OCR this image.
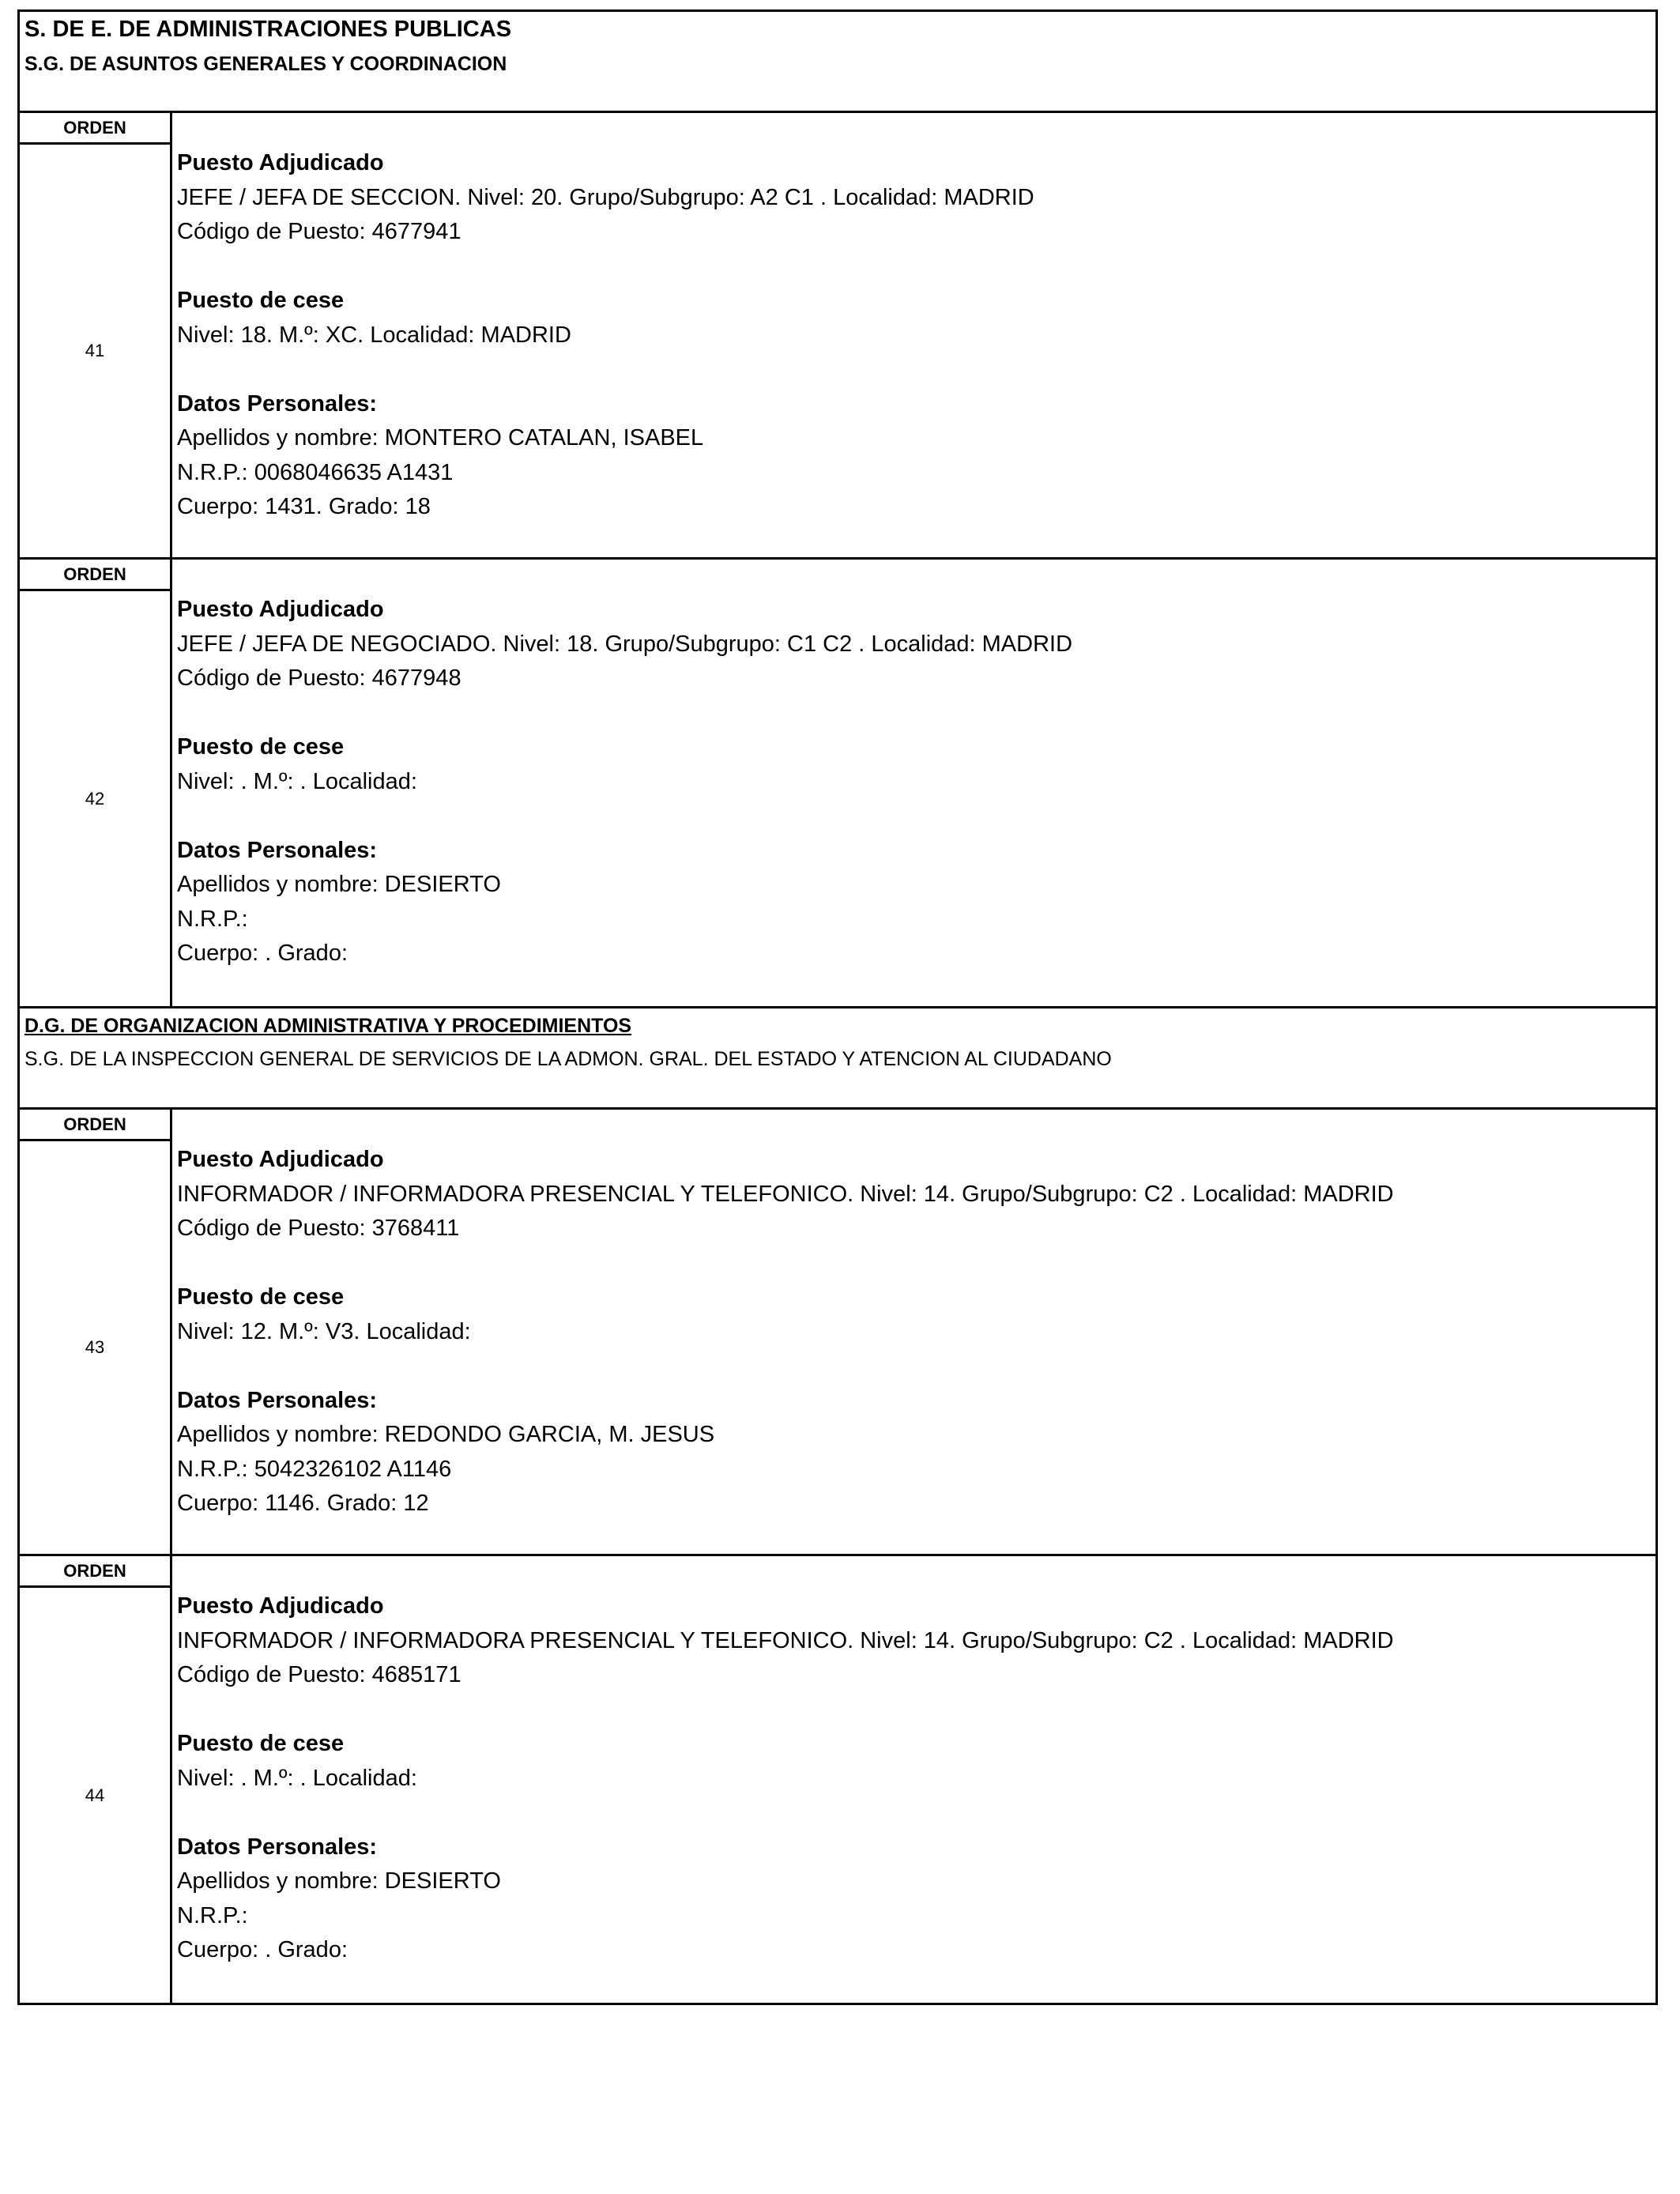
S. DE E. DE ADMINISTRACIONES PUBLICAS
S.G. DE ASUNTOS GENERALES Y COORDINACION
ORDEN
41
Puesto Adjudicado
JEFE / JEFA DE SECCION. Nivel: 20. Grupo/Subgrupo: A2 C1 . Localidad: MADRID
Código de Puesto: 4677941
Puesto de cese
Nivel: 18. M.º: XC. Localidad: MADRID
Datos Personales:
Apellidos y nombre: MONTERO CATALAN, ISABEL
N.R.P.: 0068046635 A1431
Cuerpo: 1431. Grado: 18
ORDEN
42
Puesto Adjudicado
JEFE / JEFA DE NEGOCIADO. Nivel: 18. Grupo/Subgrupo: C1 C2 . Localidad: MADRID
Código de Puesto: 4677948
Puesto de cese
Nivel: . M.º: . Localidad:
Datos Personales:
Apellidos y nombre: DESIERTO
N.R.P.:
Cuerpo: . Grado:
D.G. DE ORGANIZACION ADMINISTRATIVA Y PROCEDIMIENTOS
S.G. DE LA INSPECCION GENERAL DE SERVICIOS DE LA ADMON. GRAL. DEL ESTADO Y ATENCION AL CIUDADANO
ORDEN
43
Puesto Adjudicado
INFORMADOR / INFORMADORA PRESENCIAL Y TELEFONICO. Nivel: 14. Grupo/Subgrupo: C2 . Localidad: MADRID
Código de Puesto: 3768411
Puesto de cese
Nivel: 12. M.º: V3. Localidad:
Datos Personales:
Apellidos y nombre: REDONDO GARCIA, M. JESUS
N.R.P.: 5042326102 A1146
Cuerpo: 1146. Grado: 12
ORDEN
44
Puesto Adjudicado
INFORMADOR / INFORMADORA PRESENCIAL Y TELEFONICO. Nivel: 14. Grupo/Subgrupo: C2 . Localidad: MADRID
Código de Puesto: 4685171
Puesto de cese
Nivel: . M.º: . Localidad:
Datos Personales:
Apellidos y nombre: DESIERTO
N.R.P.:
Cuerpo: . Grado:
